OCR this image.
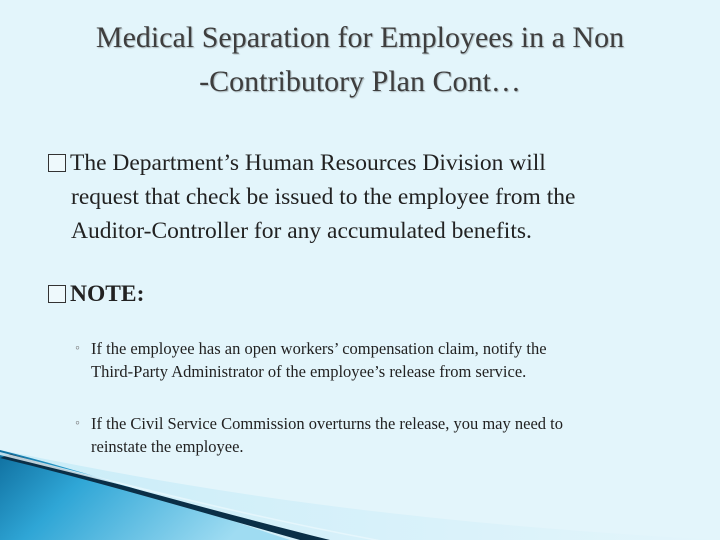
Medical Separation for Employees in a Non
-Contributory Plan Cont…
The Department’s Human Resources Division will
request that check be issued to the employee from the
Auditor-Controller for any accumulated benefits.
NOTE:
◦ If the employee has an open workers’ compensation claim, notify the
Third-Party Administrator of the employee’s release from service.
◦ If the Civil Service Commission overturns the release, you may need to
reinstate the employee.
